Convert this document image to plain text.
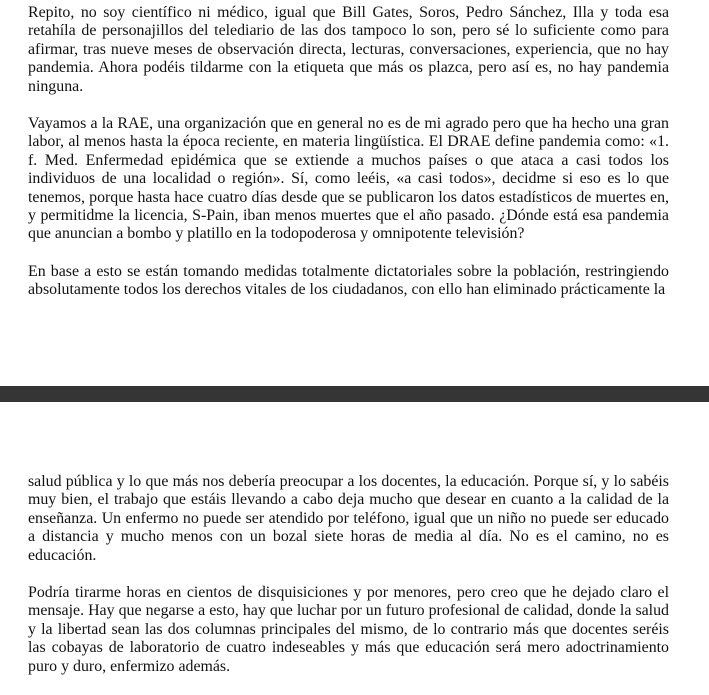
Repito, no soy científico ni médico, igual que Bill Gates, Soros, Pedro Sánchez, Illa y toda esa retahíla de personajillos del telediario de las dos tampoco lo son, pero sé lo suficiente como para afirmar, tras nueve meses de observación directa, lecturas, conversaciones, experiencia, que no hay pandemia. Ahora podéis tildarme con la etiqueta que más os plazca, pero así es, no hay pandemia ninguna.

Vayamos a la RAE, una organización que en general no es de mi agrado pero que ha hecho una gran labor, al menos hasta la época reciente, en materia lingüística. El DRAE define pandemia como: «1. f. Med. Enfermedad epidémica que se extiende a muchos países o que ataca a casi todos los individuos de una localidad o región». Sí, como leéis, «a casi todos», decidme si eso es lo que tenemos, porque hasta hace cuatro días desde que se publicaron los datos estadísticos de muertes en, y permitidme la licencia, S-Pain, iban menos muertes que el año pasado. ¿Dónde está esa pandemia que anuncian a bombo y platillo en la todopoderosa y omnipotente televisión?

En base a esto se están tomando medidas totalmente dictatoriales sobre la población, restringiendo absolutamente todos los derechos vitales de los ciudadanos, con ello han eliminado prácticamente la

salud pública y lo que más nos debería preocupar a los docentes, la educación. Porque sí, y lo sabéis muy bien, el trabajo que estáis llevando a cabo deja mucho que desear en cuanto a la calidad de la enseñanza. Un enfermo no puede ser atendido por teléfono, igual que un niño no puede ser educado a distancia y mucho menos con un bozal siete horas de media al día. No es el camino, no es educación.

Podría tirarme horas en cientos de disquisiciones y por menores, pero creo que he dejado claro el mensaje. Hay que negarse a esto, hay que luchar por un futuro profesional de calidad, donde la salud y la libertad sean las dos columnas principales del mismo, de lo contrario más que docentes seréis las cobayas de laboratorio de cuatro indeseables y más que educación será mero adoctrinamiento puro y duro, enfermizo además.
